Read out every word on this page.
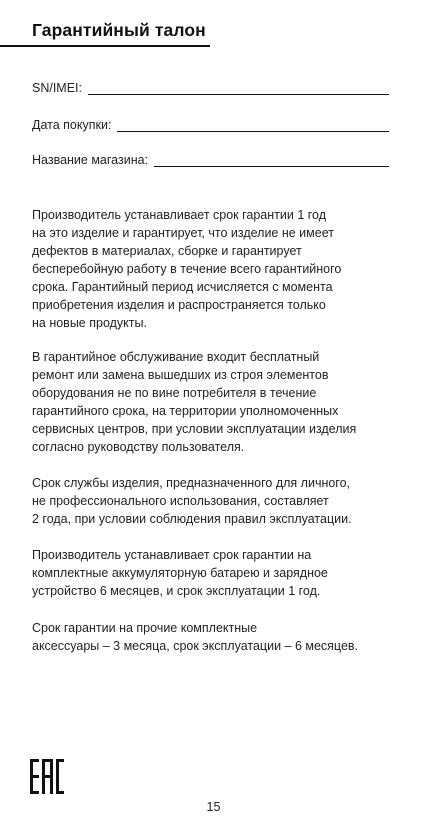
Гарантийный талон
SN/IMEI:
Дата покупки:
Название магазина:

Производитель устанавливает срок гарантии 1 год
на это изделие и гарантирует, что изделие не имеет
дефектов в материалах, сборке и гарантирует
бесперебойную работу в течение всего гарантийного
срока. Гарантийный период исчисляется с момента
приобретения изделия и распространяется только
на новые продукты.

В гарантийное обслуживание входит бесплатный
ремонт или замена вышедших из строя элементов
оборудования не по вине потребителя в течение
гарантийного срока, на территории уполномоченных
сервисных центров, при условии эксплуатации изделия
согласно руководству пользователя.

Срок службы изделия, предназначенного для личного,
не профессионального использования, составляет
2 года, при условии соблюдения правил эксплуатации.

Производитель устанавливает срок гарантии на
комплектные аккумуляторную батарею и зарядное
устройство 6 месяцев, и срок эксплуатации 1 год.

Срок гарантии на прочие комплектные
аксессуары – 3 месяца, срок эксплуатации – 6 месяцев.

15
